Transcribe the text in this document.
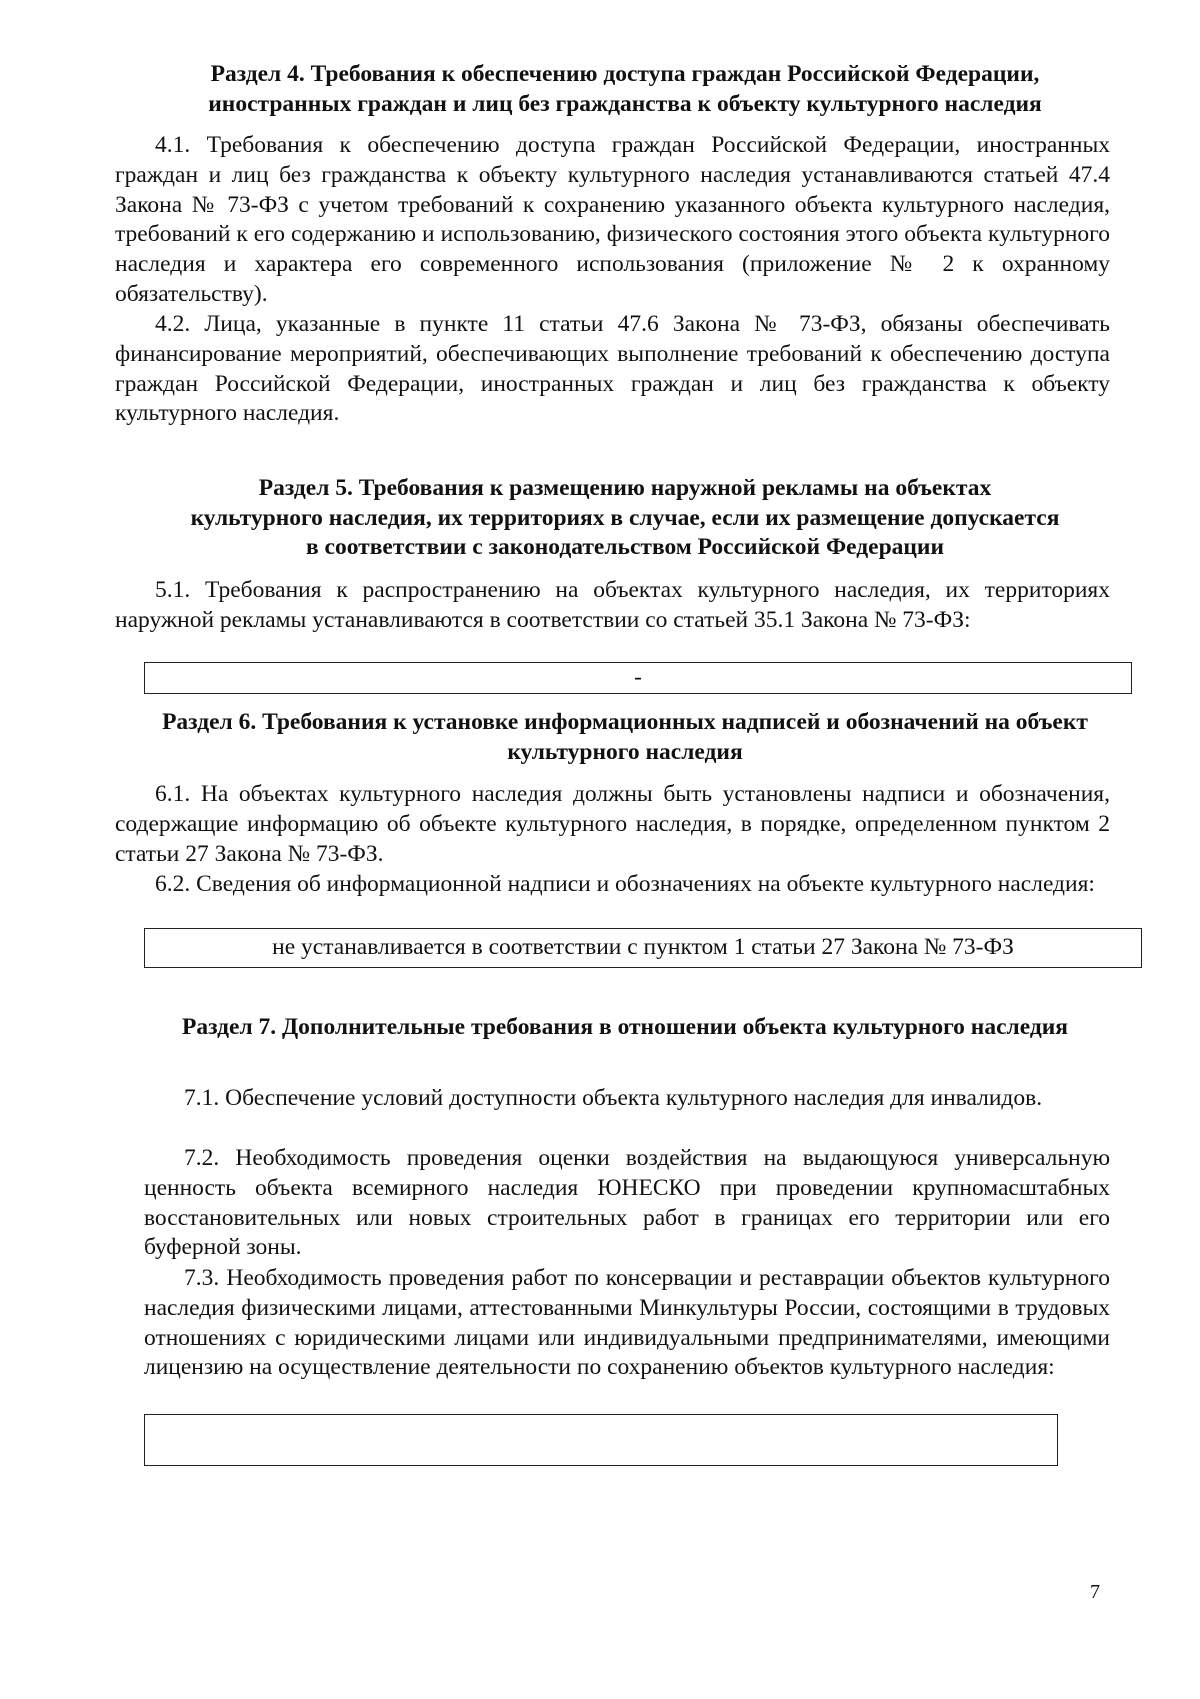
Раздел 4. Требования к обеспечению доступа граждан Российской Федерации, иностранных граждан и лиц без гражданства к объекту культурного наследия

4.1. Требования к обеспечению доступа граждан Российской Федерации, иностранных граждан и лиц без гражданства к объекту культурного наследия устанавливаются статьей 47.4 Закона № 73-ФЗ с учетом требований к сохранению указанного объекта культурного наследия, требований к его содержанию и использованию, физического состояния этого объекта культурного наследия и характера его современного использования (приложение № 2 к охранному обязательству).

4.2. Лица, указанные в пункте 11 статьи 47.6 Закона № 73-ФЗ, обязаны обеспечивать финансирование мероприятий, обеспечивающих выполнение требований к обеспечению доступа граждан Российской Федерации, иностранных граждан и лиц без гражданства к объекту культурного наследия.

Раздел 5. Требования к размещению наружной рекламы на объектах культурного наследия, их территориях в случае, если их размещение допускается в соответствии с законодательством Российской Федерации

5.1. Требования к распространению на объектах культурного наследия, их территориях наружной рекламы устанавливаются в соответствии со статьей 35.1 Закона № 73-ФЗ:

-
Раздел 6. Требования к установке информационных надписей и обозначений на объект культурного наследия

6.1. На объектах культурного наследия должны быть установлены надписи и обозначения, содержащие информацию об объекте культурного наследия, в порядке, определенном пунктом 2 статьи 27 Закона № 73-ФЗ.

6.2. Сведения об информационной надписи и обозначениях на объекте культурного наследия:

не устанавливается в соответствии с пунктом 1 статьи 27 Закона № 73-ФЗ
Раздел 7. Дополнительные требования в отношении объекта культурного наследия

7.1. Обеспечение условий доступности объекта культурного наследия для инвалидов.

7.2. Необходимость проведения оценки воздействия на выдающуюся универсальную ценность объекта всемирного наследия ЮНЕСКО при проведении крупномасштабных восстановительных или новых строительных работ в границах его территории или его буферной зоны.

7.3. Необходимость проведения работ по консервации и реставрации объектов культурного наследия физическими лицами, аттестованными Минкультуры России, состоящими в трудовых отношениях с юридическими лицами или индивидуальными предпринимателями, имеющими лицензию на осуществление деятельности по сохранению объектов культурного наследия:

7
